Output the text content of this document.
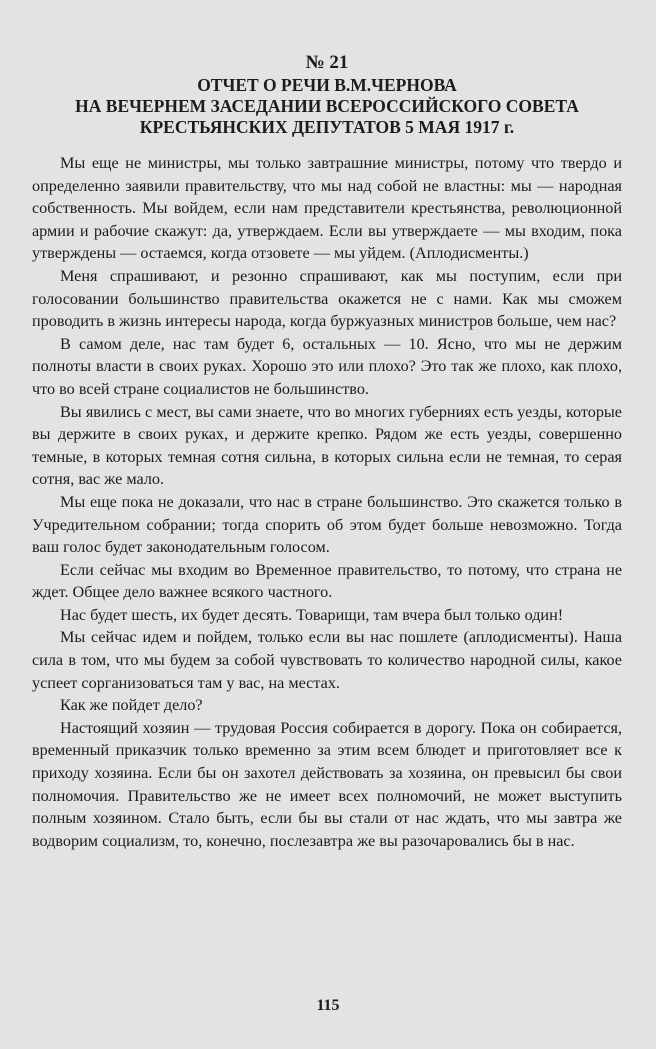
№ 21
ОТЧЕТ О РЕЧИ В.М.ЧЕРНОВА
НА ВЕЧЕРНЕМ ЗАСЕДАНИИ ВСЕРОССИЙСКОГО СОВЕТА
КРЕСТЬЯНСКИХ ДЕПУТАТОВ 5 МАЯ 1917 г.

Мы еще не министры, мы только завтрашние министры, потому что твердо и определенно заявили правительству, что мы над собой не властны: мы — народная собственность. Мы войдем, если нам представители крестьянства, революционной армии и рабочие скажут: да, утверждаем. Если вы утверждаете — мы входим, пока утверждены — остаемся, когда отзовете — мы уйдем. (Аплодисменты.)

Меня спрашивают, и резонно спрашивают, как мы поступим, если при голосовании большинство правительства окажется не с нами. Как мы сможем проводить в жизнь интересы народа, когда буржуазных министров больше, чем нас?

В самом деле, нас там будет 6, остальных — 10. Ясно, что мы не держим полноты власти в своих руках. Хорошо это или плохо? Это так же плохо, как плохо, что во всей стране социалистов не большинство.

Вы явились с мест, вы сами знаете, что во многих губерниях есть уезды, которые вы держите в своих руках, и держите крепко. Рядом же есть уезды, совершенно темные, в которых темная сотня сильна, в которых сильна если не темная, то серая сотня, вас же мало.

Мы еще пока не доказали, что нас в стране большинство. Это скажется только в Учредительном собрании; тогда спорить об этом будет больше невозможно. Тогда ваш голос будет законодательным голосом.

Если сейчас мы входим во Временное правительство, то потому, что страна не ждет. Общее дело важнее всякого частного.

Нас будет шесть, их будет десять. Товарищи, там вчера был только один!

Мы сейчас идем и пойдем, только если вы нас пошлете (аплодисменты). Наша сила в том, что мы будем за собой чувствовать то количество народной силы, какое успеет сорганизоваться там у вас, на местах.

Как же пойдет дело?

Настоящий хозяин — трудовая Россия собирается в дорогу. Пока он собирается, временный приказчик только временно за этим всем блюдет и приготовляет все к приходу хозяина. Если бы он захотел действовать за хозяина, он превысил бы свои полномочия. Правительство же не имеет всех полномочий, не может выступить полным хозяином. Стало быть, если бы вы стали от нас ждать, что мы завтра же водворим социализм, то, конечно, послезавтра же вы разочаровались бы в нас.

115
